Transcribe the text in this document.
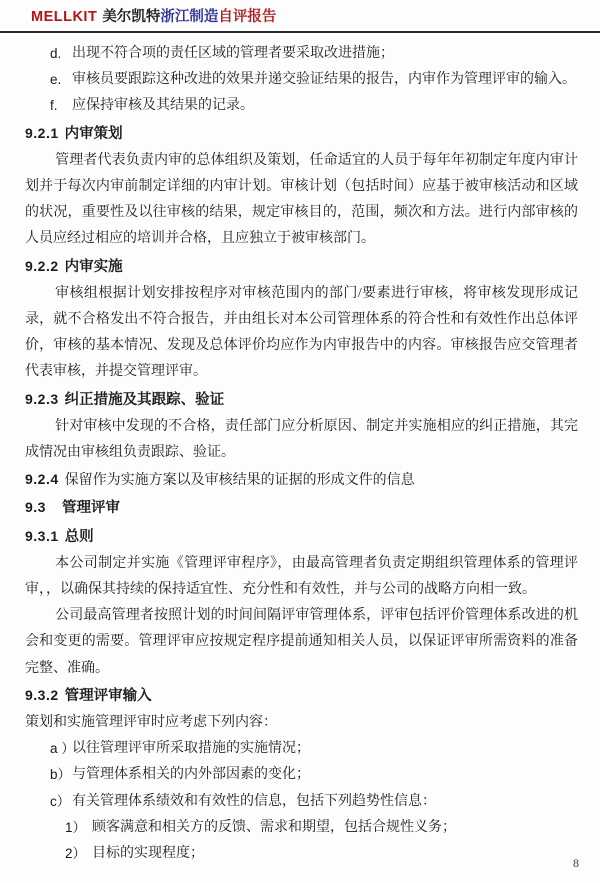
MELLKIT 美尔凯特浙江制造自评报告
d. 出现不符合项的责任区域的管理者要采取改进措施；
e. 审核员要跟踪这种改进的效果并递交验证结果的报告，内审作为管理评审的输入。
f.	应保持审核及其结果的记录。
9.2.1 内审策划
管理者代表负责内审的总体组织及策划，任命适宜的人员于每年年初制定年度内审计划并于每次内审前制定详细的内审计划。审核计划（包括时间）应基于被审核活动和区域的状况，重要性及以往审核的结果，规定审核目的，范围，频次和方法。进行内部审核的人员应经过相应的培训并合格，且应独立于被审核部门。
9.2.2 内审实施
审核组根据计划安排按程序对审核范围内的部门/要素进行审核，将审核发现形成记录，就不合格发出不符合报告，并由组长对本公司管理体系的符合性和有效性作出总体评价，审核的基本情况、发现及总体评价均应作为内审报告中的内容。审核报告应交管理者代表审核，并提交管理评审。
9.2.3 纠正措施及其跟踪、验证
针对审核中发现的不合格，责任部门应分析原因、制定并实施相应的纠正措施，其完成情况由审核组负责跟踪、验证。
9.2.4 保留作为实施方案以及审核结果的证据的形成文件的信息
9.3 管理评审
9.3.1 总则
本公司制定并实施《管理评审程序》，由最高管理者负责定期组织管理体系的管理评审，，以确保其持续的保持适宜性、充分性和有效性，并与公司的战略方向相一致。
公司最高管理者按照计划的时间间隔评审管理体系，评审包括评价管理体系改进的机会和变更的需要。管理评审应按规定程序提前通知相关人员，以保证评审所需资料的准备完整、准确。
9.3.2 管理评审输入
策划和实施管理评审时应考虑下列内容：
a ）
以往管理评审所采取措施的实施情况；
b） 与管理体系相关的内外部因素的变化；
c） 有关管理体系绩效和有效性的信息，包括下列趋势性信息：
1） 顾客满意和相关方的反馈、需求和期望，包括合规性义务；
2） 目标的实现程度；
8
